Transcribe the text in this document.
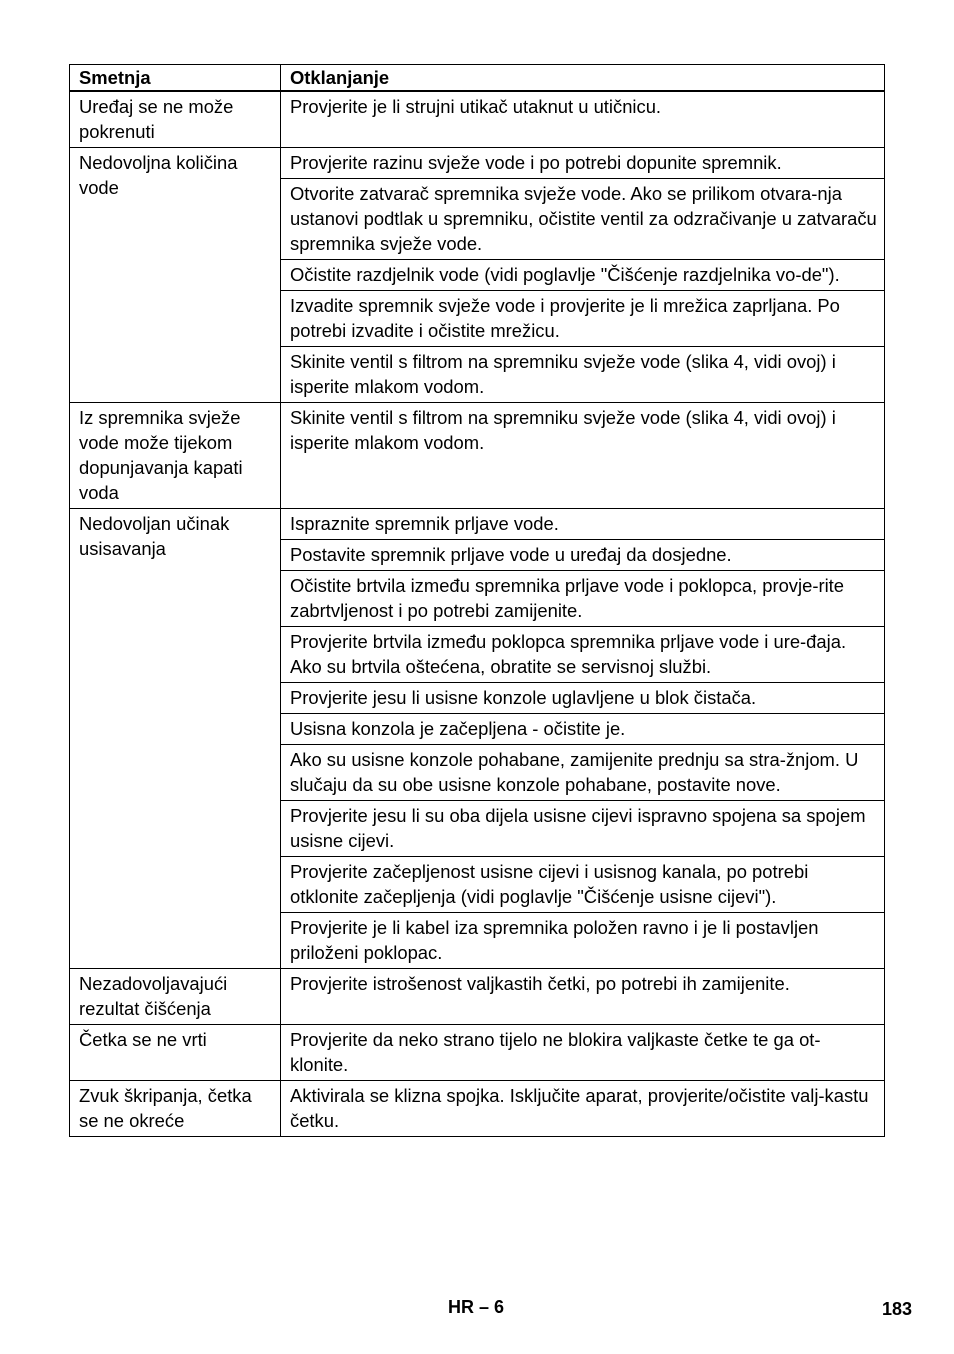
Smetnja	Otklanjanje
Uređaj se ne može pokrenuti	Provjerite je li strujni utikač utaknut u utičnicu.
Nedovoljna količina vode	Provjerite razinu svježe vode i po potrebi dopunite spremnik.
	Otvorite zatvarač spremnika svježe vode. Ako se prilikom otvara-nja ustanovi podtlak u spremniku, očistite ventil za odzračivanje u zatvaraču spremnika svježe vode.
	Očistite razdjelnik vode (vidi poglavlje "Čišćenje razdjelnika vo-de").
	Izvadite spremnik svježe vode i provjerite je li mrežica zaprljana. Po potrebi izvadite i očistite mrežicu.
	Skinite ventil s filtrom na spremniku svježe vode (slika 4, vidi ovoj) i isperite mlakom vodom.
Iz spremnika svježe vode može tijekom dopunjavanja kapati voda	Skinite ventil s filtrom na spremniku svježe vode (slika 4, vidi ovoj) i isperite mlakom vodom.
Nedovoljan učinak usisavanja	Ispraznite spremnik prljave vode.
	Postavite spremnik prljave vode u uređaj da dosjedne.
	Očistite brtvila između spremnika prljave vode i poklopca, provje-rite zabrtvljenost i po potrebi zamijenite.
	Provjerite brtvila između poklopca spremnika prljave vode i ure-đaja. Ako su brtvila oštećena, obratite se servisnoj službi.
	Provjerite jesu li usisne konzole uglavljene u blok čistača.
	Usisna konzola je začepljena - očistite je.
	Ako su usisne konzole pohabane, zamijenite prednju sa stra-žnjom. U slučaju da su obe usisne konzole pohabane, postavite nove.
	Provjerite jesu li su oba dijela usisne cijevi ispravno spojena sa spojem usisne cijevi.
	Provjerite začepljenost usisne cijevi i usisnog kanala, po potrebi otklonite začepljenja (vidi poglavlje "Čišćenje usisne cijevi").
	Provjerite je li kabel iza spremnika položen ravno i je li postavljen priloženi poklopac.
Nezadovoljavajući rezultat čišćenja	Provjerite istrošenost valjkastih četki, po potrebi ih zamijenite.
Četka se ne vrti	Provjerite da neko strano tijelo ne blokira valjkaste četke te ga ot-klonite.
Zvuk škripanja, četka se ne okreće	Aktivirala se klizna spojka. Isključite aparat, provjerite/očistite valj-kastu četku.
HR – 6	183
